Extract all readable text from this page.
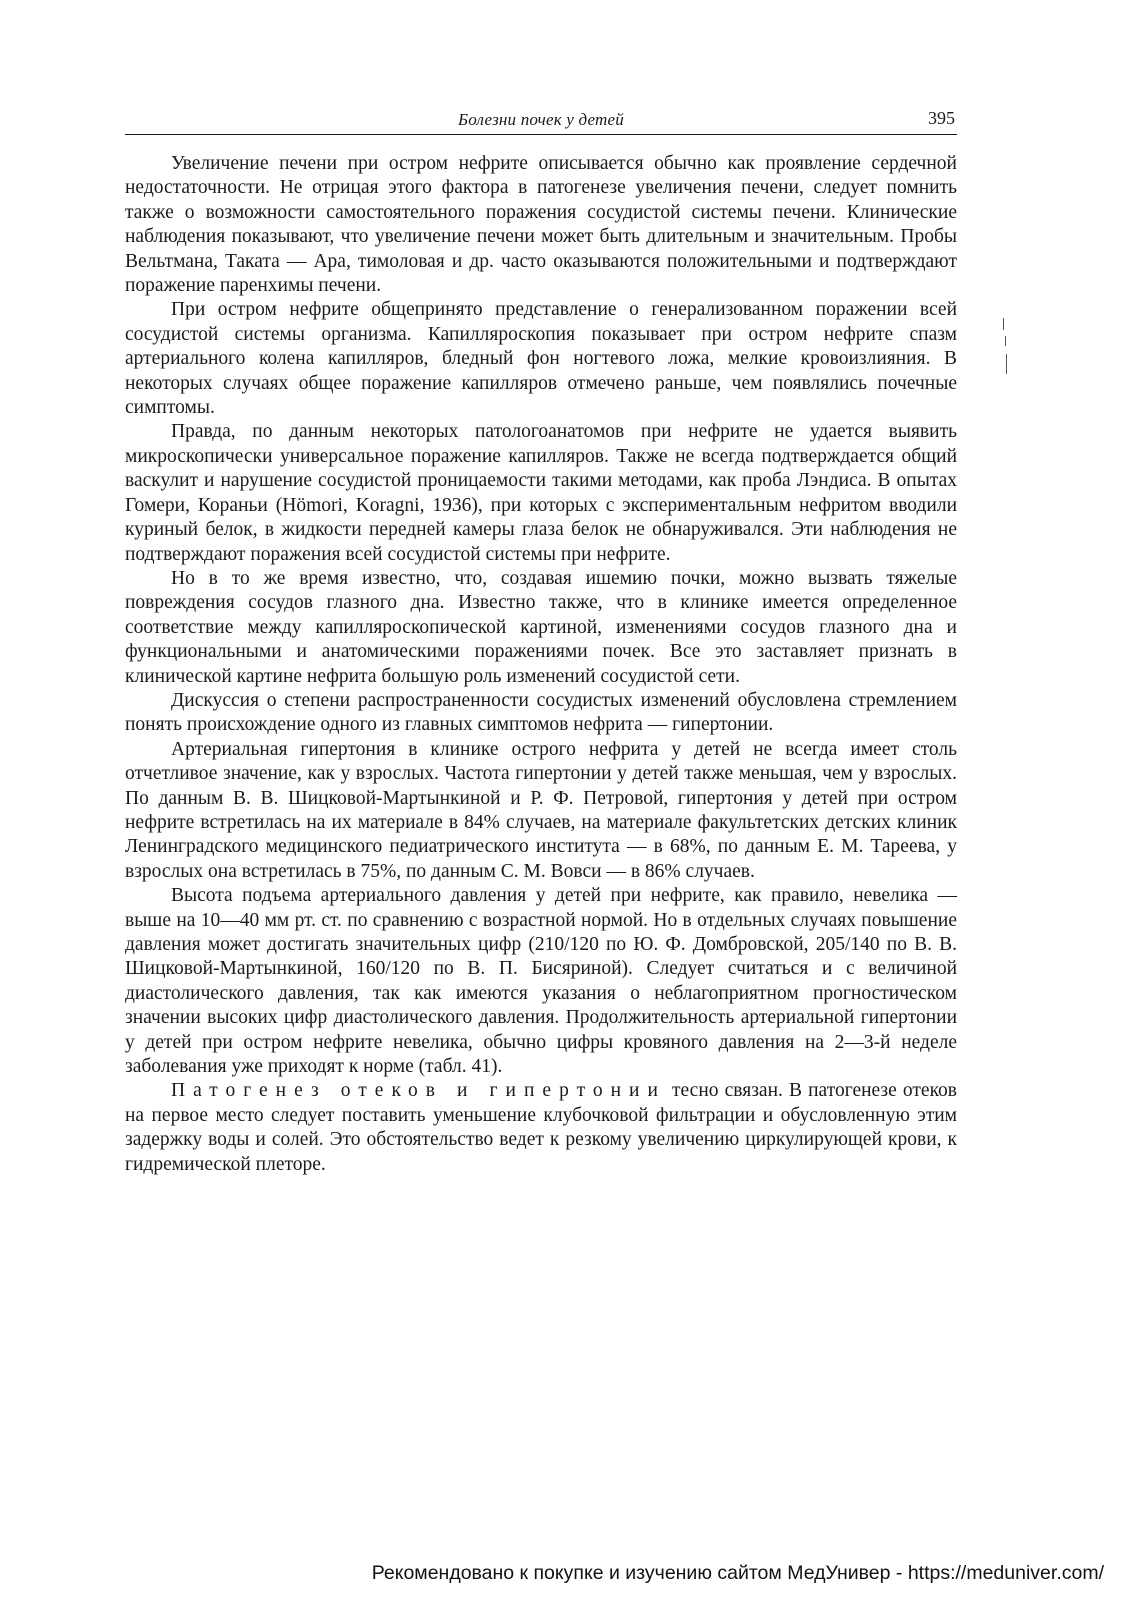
Болезни почек у детей	395

Увеличение печени при остром нефрите описывается обычно как проявление сердечной недостаточности. Не отрицая этого фактора в патогенезе увеличения печени, следует помнить также о возможности самостоятельного поражения сосудистой системы печени. Клинические наблюдения показывают, что увеличение печени может быть длительным и значительным. Пробы Вельтмана, Таката — Ара, тимоловая и др. часто оказываются положительными и подтверждают поражение паренхимы печени.

При остром нефрите общепринято представление о генерализованном поражении всей сосудистой системы организма. Капилляроскопия показывает при остром нефрите спазм артериального колена капилляров, бледный фон ногтевого ложа, мелкие кровоизлияния. В некоторых случаях общее поражение капилляров отмечено раньше, чем появлялись почечные симптомы.

Правда, по данным некоторых патологоанатомов при нефрите не удается выявить микроскопически универсальное поражение капилляров. Также не всегда подтверждается общий васкулит и нарушение сосудистой проницаемости такими методами, как проба Лэндиса. В опытах Гомери, Кораньи (Hömori, Koragni, 1936), при которых с экспериментальным нефритом вводили куриный белок, в жидкости передней камеры глаза белок не обнаруживался. Эти наблюдения не подтверждают поражения всей сосудистой системы при нефрите.

Но в то же время известно, что, создавая ишемию почки, можно вызвать тяжелые повреждения сосудов глазного дна. Известно также, что в клинике имеется определенное соответствие между капилляроскопической картиной, изменениями сосудов глазного дна и функциональными и анатомическими поражениями почек. Все это заставляет признать в клинической картине нефрита большую роль изменений сосудистой сети.

Дискуссия о степени распространенности сосудистых изменений обусловлена стремлением понять происхождение одного из главных симптомов нефрита — гипертонии.

Артериальная гипертония в клинике острого нефрита у детей не всегда имеет столь отчетливое значение, как у взрослых. Частота гипертонии у детей также меньшая, чем у взрослых. По данным В. В. Шицковой-Мартынкиной и Р. Ф. Петровой, гипертония у детей при остром нефрите встретилась на их материале в 84% случаев, на материале факультетских детских клиник Ленинградского медицинского педиатрического института — в 68%, по данным Е. М. Тареева, у взрослых она встретилась в 75%, по данным С. М. Вовси — в 86% случаев.

Высота подъема артериального давления у детей при нефрите, как правило, невелика — выше на 10—40 мм рт. ст. по сравнению с возрастной нормой. Но в отдельных случаях повышение давления может достигать значительных цифр (210/120 по Ю. Ф. Домбровской, 205/140 по В. В. Шицковой-Мартынкиной, 160/120 по В. П. Бисяриной). Следует считаться и с величиной диастолического давления, так как имеются указания о неблагоприятном прогностическом значении высоких цифр диастолического давления. Продолжительность артериальной гипертонии у детей при остром нефрите невелика, обычно цифры кровяного давления на 2—3-й неделе заболевания уже приходят к норме (табл. 41).

Патогенез отеков и гипертонии тесно связан. В патогенезе отеков на первое место следует поставить уменьшение клубочковой фильтрации и обусловленную этим задержку воды и солей. Это обстоятельство ведет к резкому увеличению циркулирующей крови, к гидремической плеторе.

Рекомендовано к покупке и изучению сайтом МедУнивер - https://meduniver.com/
